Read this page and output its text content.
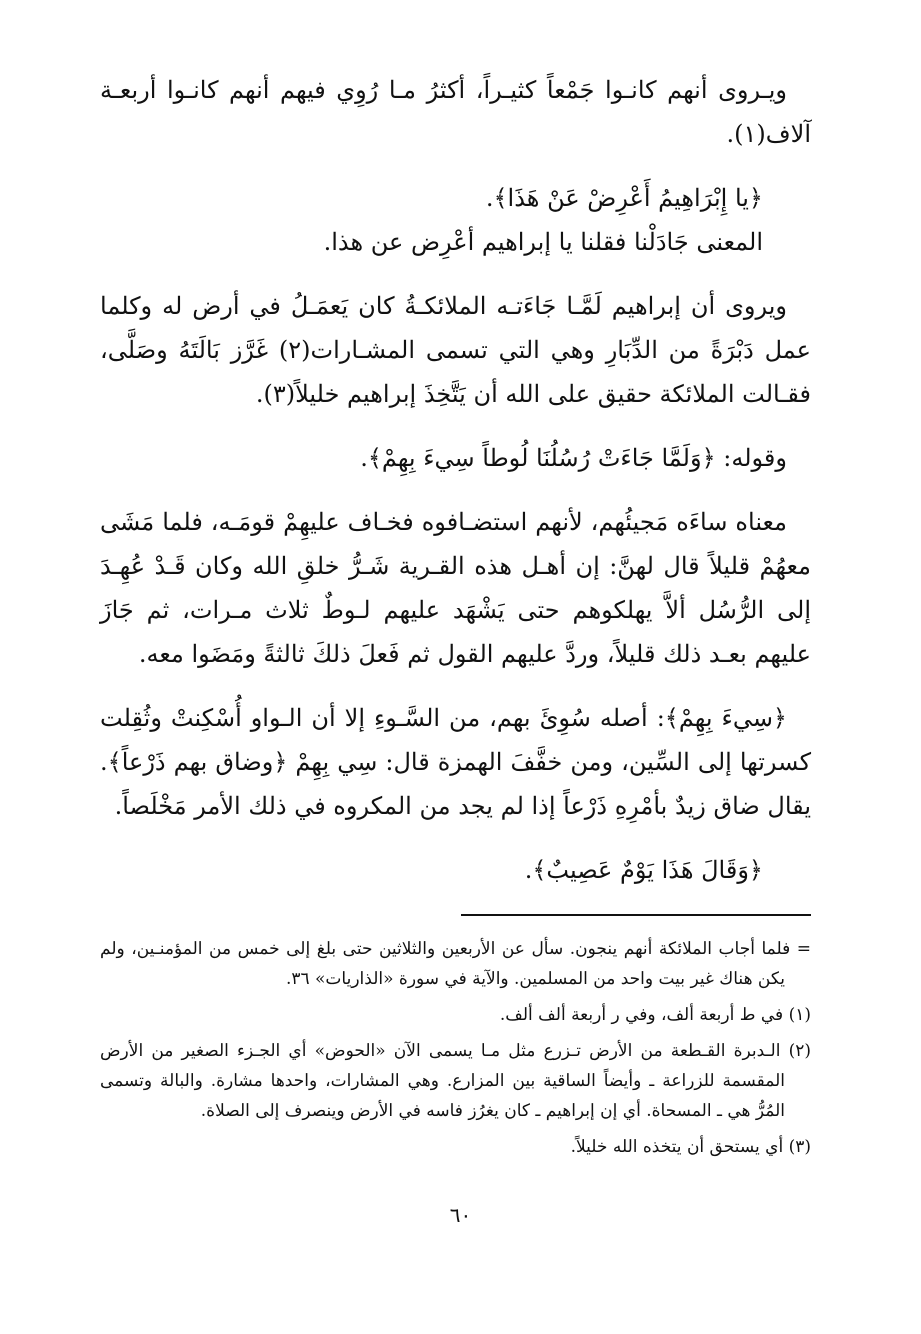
ويـروى أنهم كانـوا جَمْعاً كثيـراً، أكثرُ مـا رُوِي فيهم أنهم كانـوا أربعـة آلاف(١).

﴿يا إِبْرَاهِيمُ أَعْرِضْ عَنْ هَذَا﴾.

المعنى جَادَلْنا فقلنا يا إبراهيم أعْرِض عن هذا.

ويروى أن إبراهيم لَمَّـا جَاءَتـه الملائكـةُ كان يَعمَـلُ في أرض له وكلما عمل دَبْرَةً من الدِّبَارِ وهي التي تسمى المشـارات(٢) غَرَّز بَالَتَهُ وصَلَّى، فقـالت الملائكة حقيق على الله أن يَتَّخِذَ إبراهيم خليلاً(٣).

وقوله: ﴿وَلَمَّا جَاءَتْ رُسُلُنَا لُوطاً سِيءَ بِهِمْ﴾.

معناه ساءَه مَجيئُهم، لأنهم استضـافوه فخـاف عليهِمْ قومَـه، فلما مَشَى معهُمْ قليلاً قال لهنَّ: إن أهـل هذه القـرية شَـرُّ خلقِ الله وكان قَـدْ عُهِـدَ إلى الرُّسُل ألاَّ يهلكوهم حتى يَشْهَد عليهم لـوطٌ ثلاث مـرات، ثم جَازَ عليهم بعـد ذلك قليلاً، وردَّ عليهم القول ثم فَعلَ ذلكَ ثالثةً ومَضَوا معه.

﴿سِيءَ بِهِمْ﴾: أصله سُوِئَ بهم، من السَّـوءِ إلا أن الـواو أُسْكِنتْ وثُقِلت كسرتها إلى السِّين، ومن خفَّفَ الهمزة قال: سِي بِهِمْ ﴿وضاق بهم ذَرْعاً﴾. يقال ضاق زيدٌ بأمْرِهِ ذَرْعاً إذا لم يجد من المكروه في ذلك الأمر مَخْلَصاً.

﴿وَقَالَ هَذَا يَوْمٌ عَصِيبٌ﴾.

= فلما أجاب الملائكة أنهم ينجون. سأل عن الأربعين والثلاثين حتى بلغ إلى خمس من المؤمنـين، ولم يكن هناك غير بيت واحد من المسلمين. والآية في سورة «الذاريات» ٣٦.

(١) في ط أربعة ألف، وفي ر أربعة ألف ألف.

(٢) الـدبرة القـطعة من الأرض تـزرع مثل مـا يسمى الآن «الحوض» أي الجـزء الصغير من الأرض المقسمة للزراعة ـ وأيضاً الساقية بين المزارع. وهي المشارات، واحدها مشارة. والبالة وتسمى المُرُّ هي ـ المسحاة. أي إن إبراهيم ـ كان يغرُز فاسه في الأرض وينصرف إلى الصلاة.

(٣) أي يستحق أن يتخذه الله خليلاً.

٦٠
